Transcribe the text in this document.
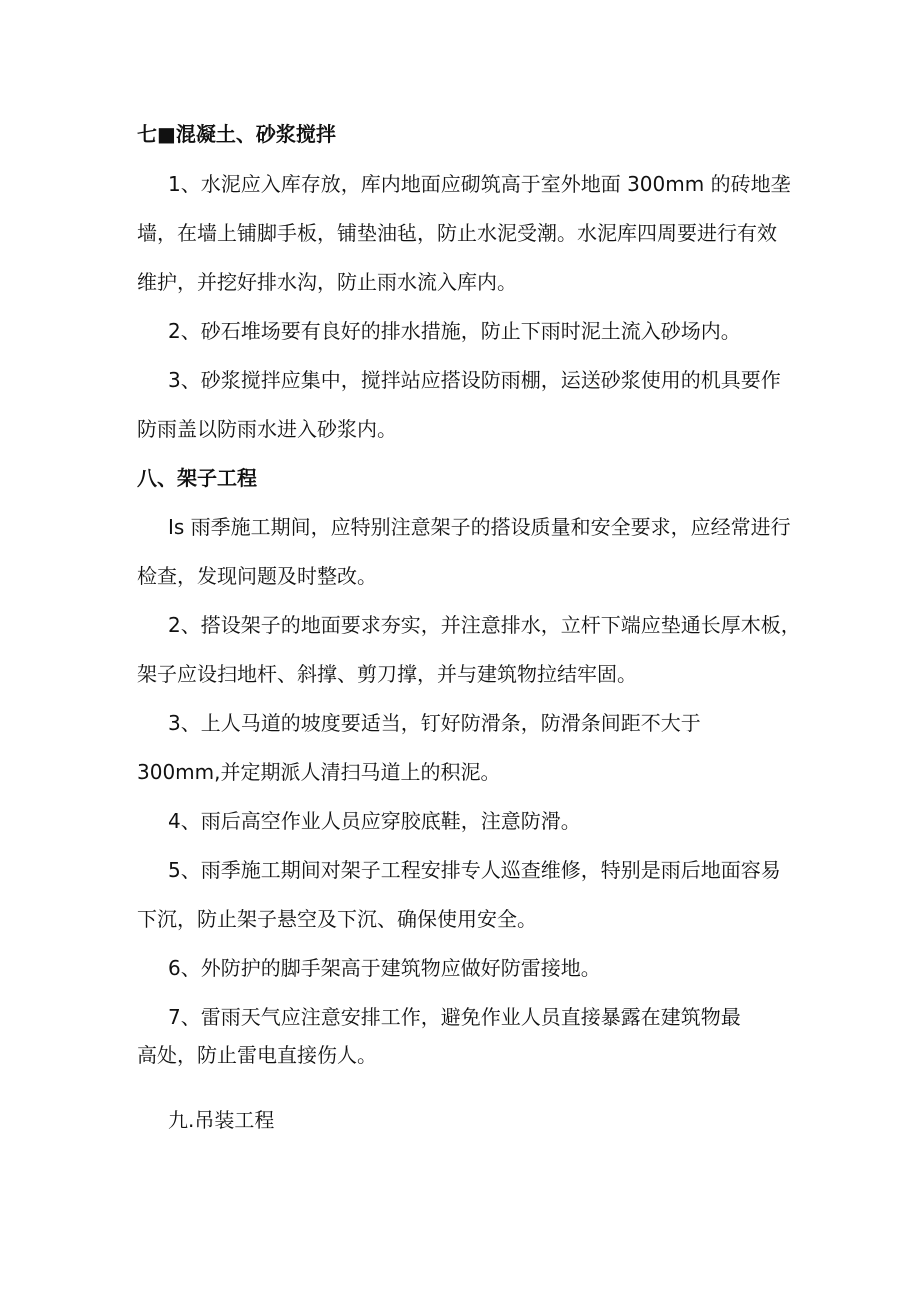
七■混凝土、砂浆搅拌
1、水泥应入库存放，库内地面应砌筑高于室外地面 300mm 的砖地垄
墙，在墙上铺脚手板，铺垫油毡，防止水泥受潮。水泥库四周要进行有效
维护，并挖好排水沟，防止雨水流入库内。
2、砂石堆场要有良好的排水措施，防止下雨时泥土流入砂场内。
3、砂浆搅拌应集中，搅拌站应搭设防雨棚，运送砂浆使用的机具要作
防雨盖以防雨水进入砂浆内。
八、架子工程
Is 雨季施工期间，应特别注意架子的搭设质量和安全要求，应经常进行
检查，发现问题及时整改。
2、搭设架子的地面要求夯实，并注意排水，立杆下端应垫通长厚木板，
架子应设扫地杆、斜撑、剪刀撑，并与建筑物拉结牢固。
3、上人马道的坡度要适当，钉好防滑条，防滑条间距不大于
300mm,并定期派人清扫马道上的积泥。
4、雨后高空作业人员应穿胶底鞋，注意防滑。
5、雨季施工期间对架子工程安排专人巡查维修，特别是雨后地面容易
下沉，防止架子悬空及下沉、确保使用安全。
6、外防护的脚手架高于建筑物应做好防雷接地。
7、雷雨天气应注意安排工作，避免作业人员直接暴露在建筑物最
高处，防止雷电直接伤人。
九.吊装工程
